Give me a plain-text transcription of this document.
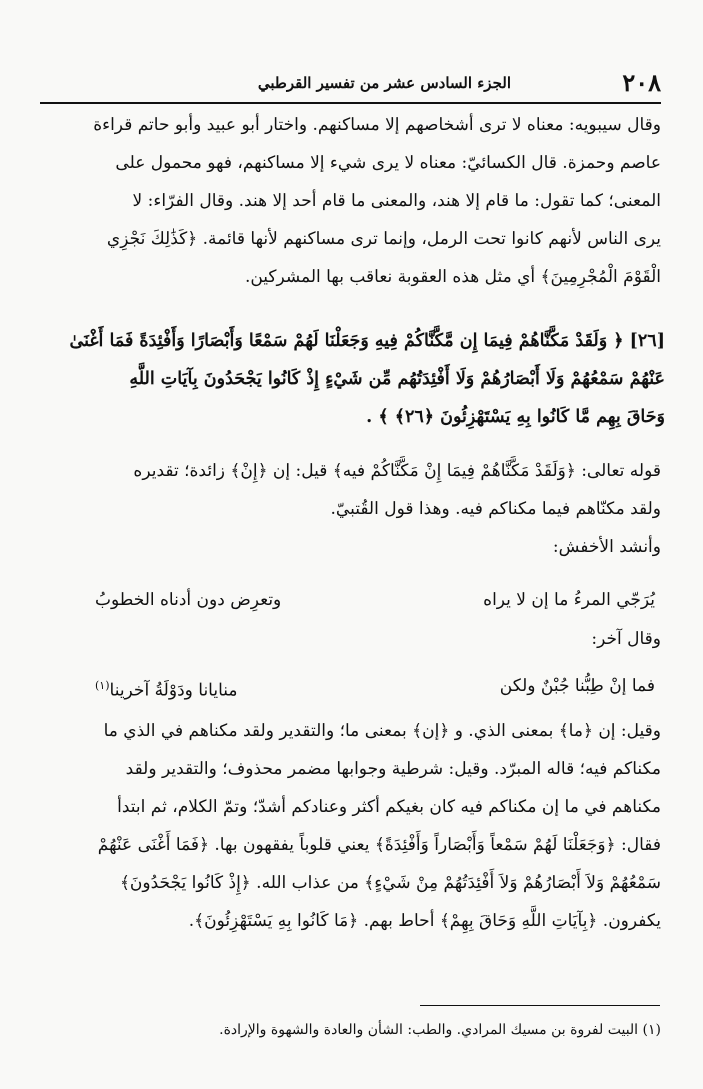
٢٠٨
الجزء السادس عشر من تفسير القرطبي

وقال سيبويه: معناه لا ترى أشخاصهم إلا مساكنهم. واختار أبو عبيد وأبو حاتم قراءة

عاصم وحمزة. قال الكسائيّ: معناه لا يرى شيء إلا مساكنهم، فهو محمول على

المعنى؛ كما تقول: ما قام إلا هند، والمعنى ما قام أحد إلا هند. وقال الفرّاء: لا

يرى الناس لأنهم كانوا تحت الرمل، وإنما ترى مساكنهم لأنها قائمة. ﴿كَذَٰلِكَ نَجْزِي

الْقَوْمَ الْمُجْرِمِينَ﴾ أي مثل هذه العقوبة نعاقب بها المشركين.

[٢٦] ﴿ وَلَقَدْ مَكَّنَّاهُمْ فِيمَا إِن مَّكَّنَّاكُمْ فِيهِ وَجَعَلْنَا لَهُمْ سَمْعًا وَأَبْصَارًا وَأَفْئِدَةً فَمَا أَغْنَىٰ

عَنْهُمْ سَمْعُهُمْ وَلَا أَبْصَارُهُمْ وَلَا أَفْئِدَتُهُم مِّن شَيْءٍ إِذْ كَانُوا يَجْحَدُونَ بِآيَاتِ اللَّهِ

وَحَاقَ بِهِم مَّا كَانُوا بِهِ يَسْتَهْزِئُونَ ﴿٢٦﴾ ﴾ .

قوله تعالى: ﴿وَلَقَدْ مَكَّنَّاهُمْ فِيمَا إِنْ مَكَّنَّاكُمْ فيه﴾ قيل: إن ﴿إِنْ﴾ زائدة؛ تقديره

ولقد مكنّاهم فيما مكناكم فيه. وهذا قول القُتبيّ.

وأنشد الأخفش:

يُرَجّي المرءُ ما إن لا يراه
وتعرِض دون أدناه الخطوبُ

وقال آخر:

فما إنْ طِبُّنا جُبْنٌ ولكن
منايانا ودَوْلَةُ آخرينا$^{(١)}$

وقيل: إن ﴿ما﴾ بمعنى الذي. و ﴿إن﴾ بمعنى ما؛ والتقدير ولقد مكناهم في الذي ما

مكناكم فيه؛ قاله المبرّد. وقيل: شرطية وجوابها مضمر محذوف؛ والتقدير ولقد

مكناهم في ما إن مكناكم فيه كان بغيكم أكثر وعنادكم أشدّ؛ وتمّ الكلام، ثم ابتدأ

فقال: ﴿وَجَعَلْنَا لَهُمْ سَمْعاً وَأَبْصَاراً وَأَفْئِدَةً﴾ يعني قلوباً يفقهون بها. ﴿فَمَا أَغْنَى عَنْهُمْ

سَمْعُهُمْ وَلاَ أَبْصَارُهُمْ وَلاَ أَفْئِدَتُهُمْ مِنْ شَيْءٍ﴾ من عذاب الله. ﴿إِذْ كَانُوا يَجْحَدُونَ﴾

يكفرون. ﴿بِآيَاتِ اللَّهِ وَحَاقَ بِهِمْ﴾ أحاط بهم. ﴿مَا كَانُوا بِهِ يَسْتَهْزِئُونَ﴾.

(١) البيت لفروة بن مسيك المرادي. والطب: الشأن والعادة والشهوة والإرادة.
